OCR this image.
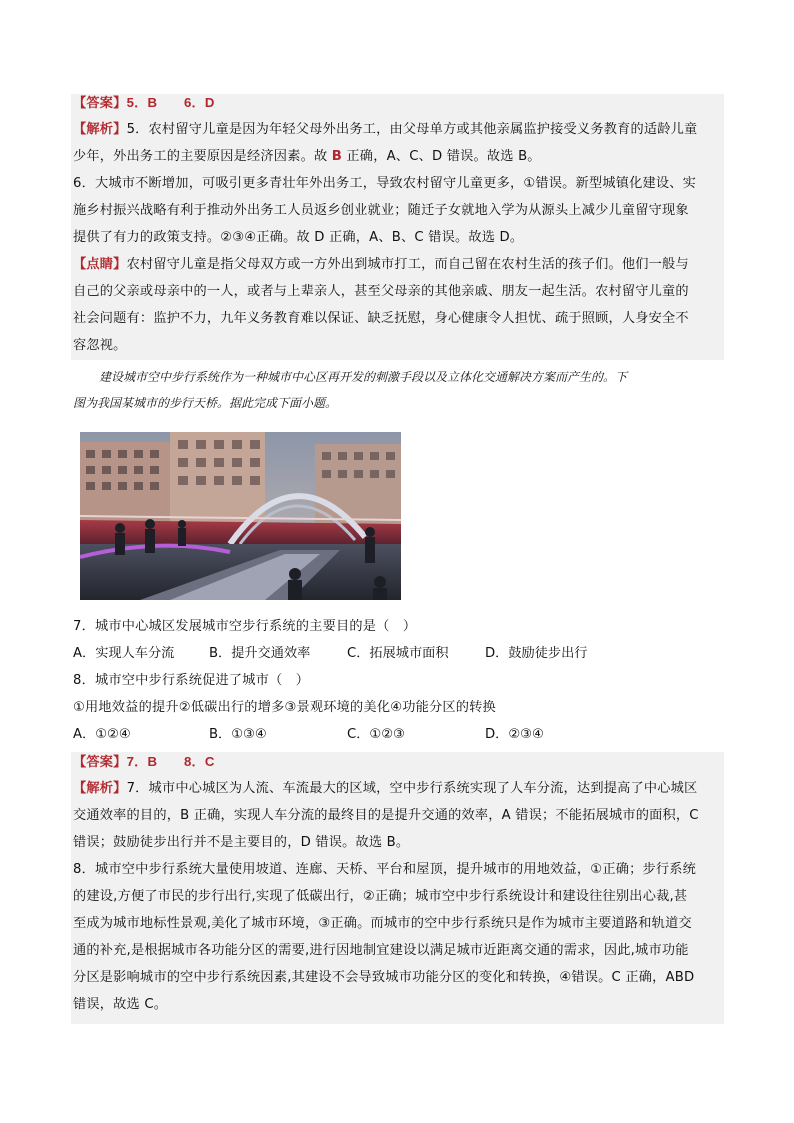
【答案】5．B　　6．D
【解析】5．农村留守儿童是因为年轻父母外出务工，由父母单方或其他亲属监护接受义务教育的适龄儿童
少年，外出务工的主要原因是经济因素。故 B 正确，A、C、D 错误。故选 B。
6．大城市不断增加，可吸引更多青壮年外出务工，导致农村留守儿童更多，①错误。新型城镇化建设、实
施乡村振兴战略有利于推动外出务工人员返乡创业就业；随迁子女就地入学为从源头上减少儿童留守现象
提供了有力的政策支持。②③④正确。故 D 正确，A、B、C 错误。故选 D。
【点睛】农村留守儿童是指父母双方或一方外出到城市打工，而自己留在农村生活的孩子们。他们一般与
自己的父亲或母亲中的一人，或者与上辈亲人，甚至父母亲的其他亲戚、朋友一起生活。农村留守儿童的
社会问题有：监护不力，九年义务教育难以保证、缺乏抚慰，身心健康令人担忧、疏于照顾，人身安全不
容忽视。
建设城市空中步行系统作为一种城市中心区再开发的刺激手段以及立体化交通解决方案而产生的。下
图为我国某城市的步行天桥。据此完成下面小题。
7．城市中心城区发展城市空步行系统的主要目的是（　）
A．实现人车分流	B．提升交通效率	C．拓展城市面积	D．鼓励徒步出行
8．城市空中步行系统促进了城市（　）
①用地效益的提升②低碳出行的增多③景观环境的美化④功能分区的转换
A．①②④	B．①③④	C．①②③	D．②③④
【答案】7．B　　8．C
【解析】7．城市中心城区为人流、车流最大的区域，空中步行系统实现了人车分流，达到提高了中心城区
交通效率的目的，B 正确，实现人车分流的最终目的是提升交通的效率，A 错误；不能拓展城市的面积，C
错误；鼓励徒步出行并不是主要目的，D 错误。故选 B。
8．城市空中步行系统大量使用坡道、连廊、天桥、平台和屋顶，提升城市的用地效益，①正确；步行系统
的建设,方便了市民的步行出行,实现了低碳出行，②正确；城市空中步行系统设计和建设往往别出心裁,甚
至成为城市地标性景观,美化了城市环境，③正确。而城市的空中步行系统只是作为城市主要道路和轨道交
通的补充,是根据城市各功能分区的需要,进行因地制宜建设以满足城市近距离交通的需求，因此,城市功能
分区是影响城市的空中步行系统因素,其建设不会导致城市功能分区的变化和转换，④错误。C 正确，ABD
错误，故选 C。
